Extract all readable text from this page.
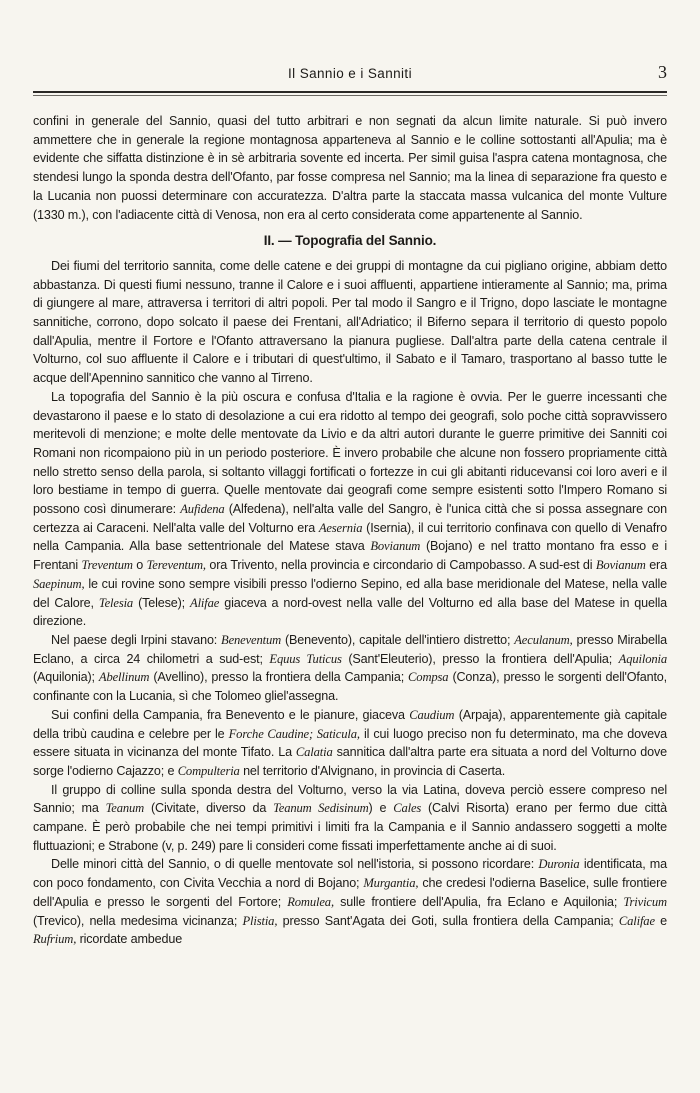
Il Sannio e i Sanniti	3

confini in generale del Sannio, quasi del tutto arbitrari e non segnati da alcun limite naturale. Si può invero ammettere che in generale la regione montagnosa apparteneva al Sannio e le colline sottostanti all'Apulia; ma è evidente che siffatta distinzione è in sè arbitraria sovente ed incerta. Per simil guisa l'aspra catena montagnosa, che stendesi lungo la sponda destra dell'Ofanto, par fosse compresa nel Sannio; ma la linea di separazione fra questo e la Lucania non puossi determinare con accuratezza. D'altra parte la staccata massa vulcanica del monte Vulture (1330 m.), con l'adiacente città di Venosa, non era al certo considerata come appartenente al Sannio.

II. — Topografia del Sannio.

Dei fiumi del territorio sannita, come delle catene e dei gruppi di montagne da cui pigliano origine, abbiam detto abbastanza. Di questi fiumi nessuno, tranne il Calore e i suoi affluenti, appartiene intieramente al Sannio; ma, prima di giungere al mare, attraversa i territori di altri popoli. Per tal modo il Sangro e il Trigno, dopo lasciate le montagne sannitiche, corrono, dopo solcato il paese dei Frentani, all'Adriatico; il Biferno separa il territorio di questo popolo dall'Apulia, mentre il Fortore e l'Ofanto attraversano la pianura pugliese. Dall'altra parte della catena centrale il Volturno, col suo affluente il Calore e i tributari di quest'ultimo, il Sabato e il Tamaro, trasportano al basso tutte le acque dell'Apennino sannitico che vanno al Tirreno.

La topografia del Sannio è la più oscura e confusa d'Italia e la ragione è ovvia. Per le guerre incessanti che devastarono il paese e lo stato di desolazione a cui era ridotto al tempo dei geografi, solo poche città sopravvissero meritevoli di menzione; e molte delle mentovate da Livio e da altri autori durante le guerre primitive dei Sanniti coi Romani non ricompaiono più in un periodo posteriore. È invero probabile che alcune non fossero propriamente città nello stretto senso della parola, si soltanto villaggi fortificati o fortezze in cui gli abitanti riducevansi coi loro averi e il loro bestiame in tempo di guerra. Quelle mentovate dai geografi come sempre esistenti sotto l'Impero Romano si possono così dinumerare: Aufidena (Alfedena), nell'alta valle del Sangro, è l'unica città che si possa assegnare con certezza ai Caraceni. Nell'alta valle del Volturno era Aesernia (Isernia), il cui territorio confinava con quello di Venafro nella Campania. Alla base settentrionale del Matese stava Bovianum (Bojano) e nel tratto montano fra esso e i Frentani Treventum o Tereventum, ora Trivento, nella provincia e circondario di Campobasso. A sud-est di Bovianum era Saepinum, le cui rovine sono sempre visibili presso l'odierno Sepino, ed alla base meridionale del Matese, nella valle del Calore, Telesia (Telese); Alifae giaceva a nord-ovest nella valle del Volturno ed alla base del Matese in quella direzione.

Nel paese degli Irpini stavano: Beneventum (Benevento), capitale dell'intiero distretto; Aeculanum, presso Mirabella Eclano, a circa 24 chilometri a sud-est; Equus Tuticus (Sant'Eleuterio), presso la frontiera dell'Apulia; Aquilonia (Aquilonia); Abellinum (Avellino), presso la frontiera della Campania; Compsa (Conza), presso le sorgenti dell'Ofanto, confinante con la Lucania, sì che Tolomeo gliel'assegna.

Sui confini della Campania, fra Benevento e le pianure, giaceva Caudium (Arpaja), apparentemente già capitale della tribù caudina e celebre per le Forche Caudine; Saticula, il cui luogo preciso non fu determinato, ma che doveva essere situata in vicinanza del monte Tifato. La Calatia sannitica dall'altra parte era situata a nord del Volturno dove sorge l'odierno Cajazzo; e Compulteria nel territorio d'Alvignano, in provincia di Caserta.

Il gruppo di colline sulla sponda destra del Volturno, verso la via Latina, doveva perciò essere compreso nel Sannio; ma Teanum (Civitate, diverso da Teanum Sedisinum) e Cales (Calvi Risorta) erano per fermo due città campane. È però probabile che nei tempi primitivi i limiti fra la Campania e il Sannio andassero soggetti a molte fluttuazioni; e Strabone (v, p. 249) pare li consideri come fissati imperfettamente anche ai di suoi.

Delle minori città del Sannio, o di quelle mentovate sol nell'istoria, si possono ricordare: Duronia identificata, ma con poco fondamento, con Civita Vecchia a nord di Bojano; Murgantia, che credesi l'odierna Baselice, sulle frontiere dell'Apulia e presso le sorgenti del Fortore; Romulea, sulle frontiere dell'Apulia, fra Eclano e Aquilonia; Trivicum (Trevico), nella medesima vicinanza; Plistia, presso Sant'Agata dei Goti, sulla frontiera della Campania; Califae e Rufrium, ricordate ambedue
